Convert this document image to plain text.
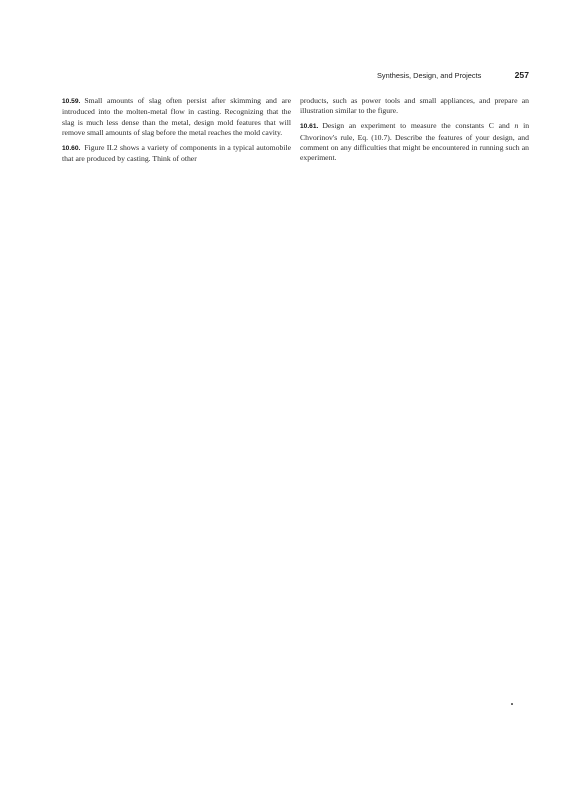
Synthesis, Design, and Projects	257

10.59. Small amounts of slag often persist after skimming and are introduced into the molten-metal flow in casting. Recognizing that the slag is much less dense than the metal, design mold features that will remove small amounts of slag before the metal reaches the mold cavity.

10.60. Figure II.2 shows a variety of components in a typical automobile that are produced by casting. Think of other

products, such as power tools and small appliances, and prepare an illustration similar to the figure.

10.61. Design an experiment to measure the constants C and n in Chvorinov's rule, Eq. (10.7). Describe the features of your design, and comment on any difficulties that might be encountered in running such an experiment.
